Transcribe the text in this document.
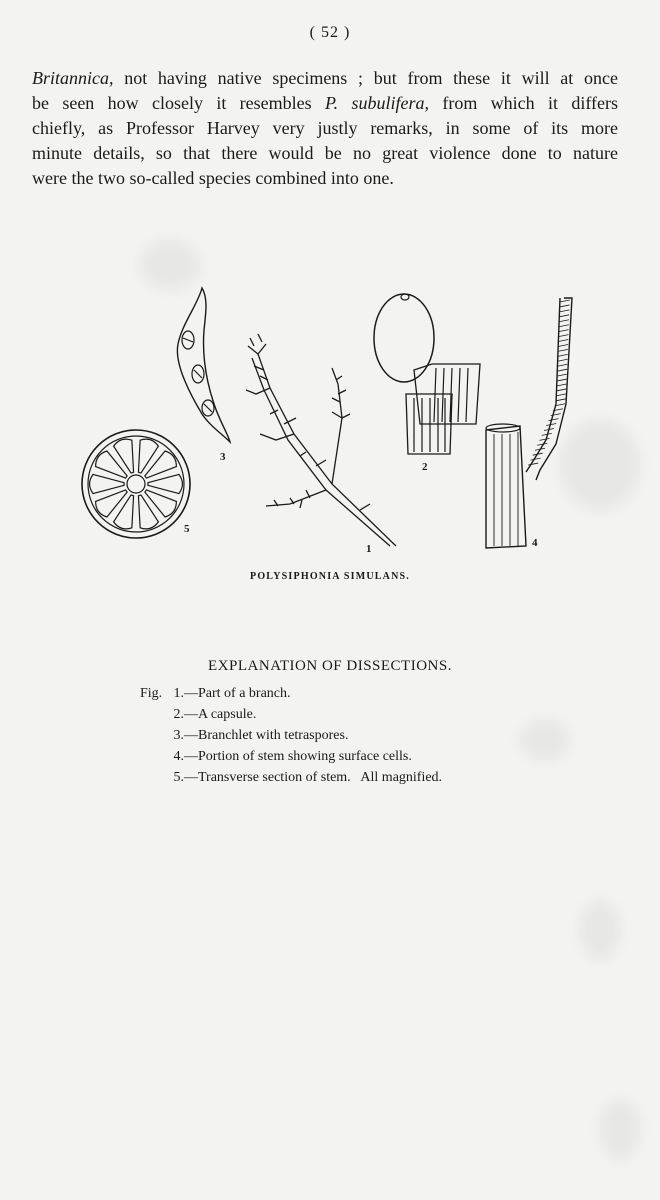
( 52 )

Britannica, not having native specimens ; but from these it will at once
be seen how closely it resembles P. subulifera, from which it differs
chiefly, as Professor Harvey very justly remarks, in some of its more
minute details, so that there would be no great violence done to nature
were the two so-called species combined into one.

5
3
1
2
4
POLYSIPHONIA SIMULANS.
EXPLANATION OF DISSECTIONS.
Fig. 1. —Part of a branch.
2. —A capsule.
3. —Branchlet with tetraspores.
4. —Portion of stem showing surface cells.
5. —Transverse section of stem.   All magnified.
